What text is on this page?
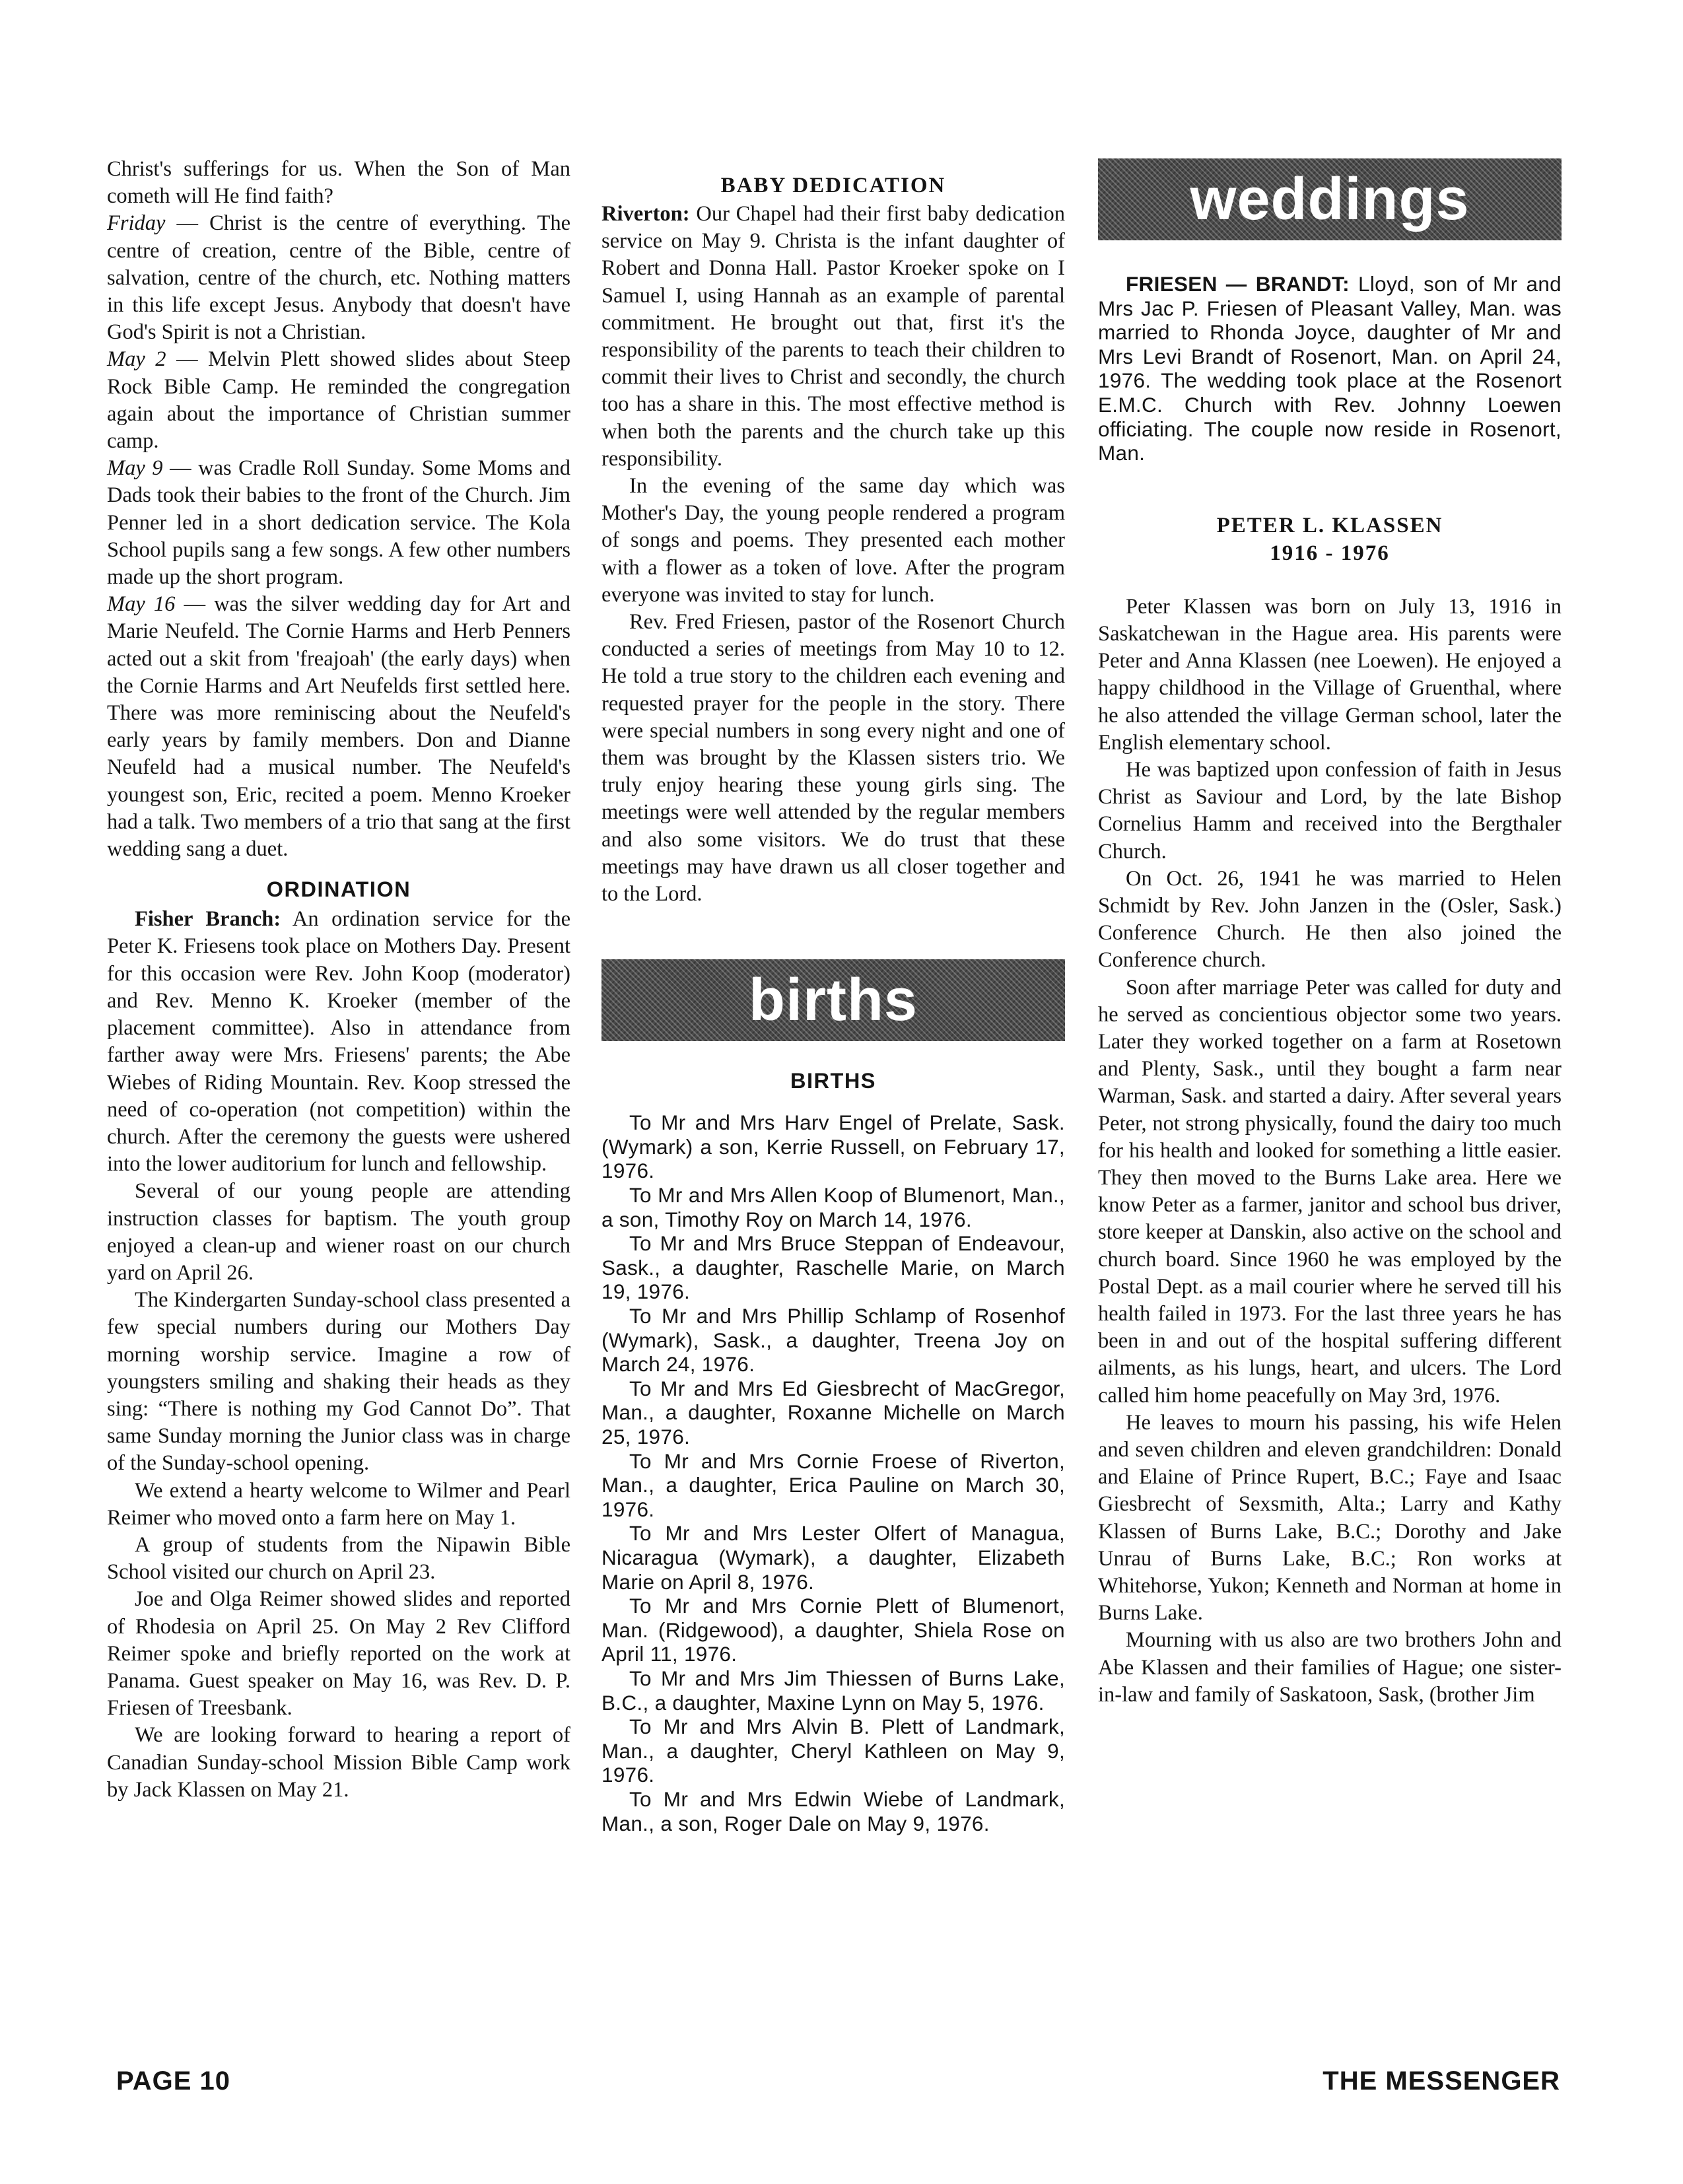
Christ's sufferings for us. When the Son of Man cometh will He find faith?

Friday — Christ is the centre of everything. The centre of creation, centre of the Bible, centre of salvation, centre of the church, etc. Nothing matters in this life except Jesus. Anybody that doesn't have God's Spirit is not a Christian.

May 2 — Melvin Plett showed slides about Steep Rock Bible Camp. He reminded the congregation again about the importance of Christian summer camp.

May 9 — was Cradle Roll Sunday. Some Moms and Dads took their babies to the front of the Church. Jim Penner led in a short dedication service. The Kola School pupils sang a few songs. A few other numbers made up the short program.

May 16 — was the silver wedding day for Art and Marie Neufeld. The Cornie Harms and Herb Penners acted out a skit from 'freajoah' (the early days) when the Cornie Harms and Art Neufelds first settled here. There was more reminiscing about the Neufeld's early years by family members. Don and Dianne Neufeld had a musical number. The Neufeld's youngest son, Eric, recited a poem. Menno Kroeker had a talk. Two members of a trio that sang at the first wedding sang a duet.

ORDINATION

Fisher Branch: An ordination service for the Peter K. Friesens took place on Mothers Day. Present for this occasion were Rev. John Koop (moderator) and Rev. Menno K. Kroeker (member of the placement committee). Also in attendance from farther away were Mrs. Friesens' parents; the Abe Wiebes of Riding Mountain. Rev. Koop stressed the need of co-operation (not competition) within the church. After the ceremony the guests were ushered into the lower auditorium for lunch and fellowship.

Several of our young people are attending instruction classes for baptism. The youth group enjoyed a clean-up and wiener roast on our church yard on April 26.

The Kindergarten Sunday-school class presented a few special numbers during our Mothers Day morning worship service. Imagine a row of youngsters smiling and shaking their heads as they sing: “There is nothing my God Cannot Do”. That same Sunday morning the Junior class was in charge of the Sunday-school opening.

We extend a hearty welcome to Wilmer and Pearl Reimer who moved onto a farm here on May 1.

A group of students from the Nipawin Bible School visited our church on April 23.

Joe and Olga Reimer showed slides and reported of Rhodesia on April 25. On May 2 Rev Clifford Reimer spoke and briefly reported on the work at Panama. Guest speaker on May 16, was Rev. D. P. Friesen of Treesbank.

We are looking forward to hearing a report of Canadian Sunday-school Mission Bible Camp work by Jack Klassen on May 21.

BABY DEDICATION

Riverton: Our Chapel had their first baby dedication service on May 9. Christa is the infant daughter of Robert and Donna Hall. Pastor Kroeker spoke on I Samuel I, using Hannah as an example of parental commitment. He brought out that, first it's the responsibility of the parents to teach their children to commit their lives to Christ and secondly, the church too has a share in this. The most effective method is when both the parents and the church take up this responsibility.

In the evening of the same day which was Mother's Day, the young people rendered a program of songs and poems. They presented each mother with a flower as a token of love. After the program everyone was invited to stay for lunch.

Rev. Fred Friesen, pastor of the Rosenort Church conducted a series of meetings from May 10 to 12. He told a true story to the children each evening and requested prayer for the people in the story. There were special numbers in song every night and one of them was brought by the Klassen sisters trio. We truly enjoy hearing these young girls sing. The meetings were well attended by the regular members and also some visitors. We do trust that these meetings may have drawn us all closer together and to the Lord.

births
BIRTHS

To Mr and Mrs Harv Engel of Prelate, Sask. (Wymark) a son, Kerrie Russell, on February 17, 1976.

To Mr and Mrs Allen Koop of Blumenort, Man., a son, Timothy Roy on March 14, 1976.

To Mr and Mrs Bruce Steppan of Endeavour, Sask., a daughter, Raschelle Marie, on March 19, 1976.

To Mr and Mrs Phillip Schlamp of Rosenhof (Wymark), Sask., a daughter, Treena Joy on March 24, 1976.

To Mr and Mrs Ed Giesbrecht of MacGregor, Man., a daughter, Roxanne Michelle on March 25, 1976.

To Mr and Mrs Cornie Froese of Riverton, Man., a daughter, Erica Pauline on March 30, 1976.

To Mr and Mrs Lester Olfert of Managua, Nicaragua (Wymark), a daughter, Elizabeth Marie on April 8, 1976.

To Mr and Mrs Cornie Plett of Blumenort, Man. (Ridgewood), a daughter, Shiela Rose on April 11, 1976.

To Mr and Mrs Jim Thiessen of Burns Lake, B.C., a daughter, Maxine Lynn on May 5, 1976.

To Mr and Mrs Alvin B. Plett of Landmark, Man., a daughter, Cheryl Kathleen on May 9, 1976.

To Mr and Mrs Edwin Wiebe of Landmark, Man., a son, Roger Dale on May 9, 1976.

weddings

FRIESEN — BRANDT: Lloyd, son of Mr and Mrs Jac P. Friesen of Pleasant Valley, Man. was married to Rhonda Joyce, daughter of Mr and Mrs Levi Brandt of Rosenort, Man. on April 24, 1976. The wedding took place at the Rosenort E.M.C. Church with Rev. Johnny Loewen officiating. The couple now reside in Rosenort, Man.

PETER L. KLASSEN
1916 - 1976

Peter Klassen was born on July 13, 1916 in Saskatchewan in the Hague area. His parents were Peter and Anna Klassen (nee Loewen). He enjoyed a happy childhood in the Village of Gruenthal, where he also attended the village German school, later the English elementary school.

He was baptized upon confession of faith in Jesus Christ as Saviour and Lord, by the late Bishop Cornelius Hamm and received into the Bergthaler Church.

On Oct. 26, 1941 he was married to Helen Schmidt by Rev. John Janzen in the (Osler, Sask.) Conference Church. He then also joined the Conference church.

Soon after marriage Peter was called for duty and he served as concientious objector some two years. Later they worked together on a farm at Rosetown and Plenty, Sask., until they bought a farm near Warman, Sask. and started a dairy. After several years Peter, not strong physically, found the dairy too much for his health and looked for something a little easier. They then moved to the Burns Lake area. Here we know Peter as a farmer, janitor and school bus driver, store keeper at Danskin, also active on the school and church board. Since 1960 he was employed by the Postal Dept. as a mail courier where he served till his health failed in 1973. For the last three years he has been in and out of the hospital suffering different ailments, as his lungs, heart, and ulcers. The Lord called him home peacefully on May 3rd, 1976.

He leaves to mourn his passing, his wife Helen and seven children and eleven grandchildren: Donald and Elaine of Prince Rupert, B.C.; Faye and Isaac Giesbrecht of Sexsmith, Alta.; Larry and Kathy Klassen of Burns Lake, B.C.; Dorothy and Jake Unrau of Burns Lake, B.C.; Ron works at Whitehorse, Yukon; Kenneth and Norman at home in Burns Lake.

Mourning with us also are two brothers John and Abe Klassen and their families of Hague; one sister-in-law and family of Saskatoon, Sask, (brother Jim

PAGE 10	THE MESSENGER
